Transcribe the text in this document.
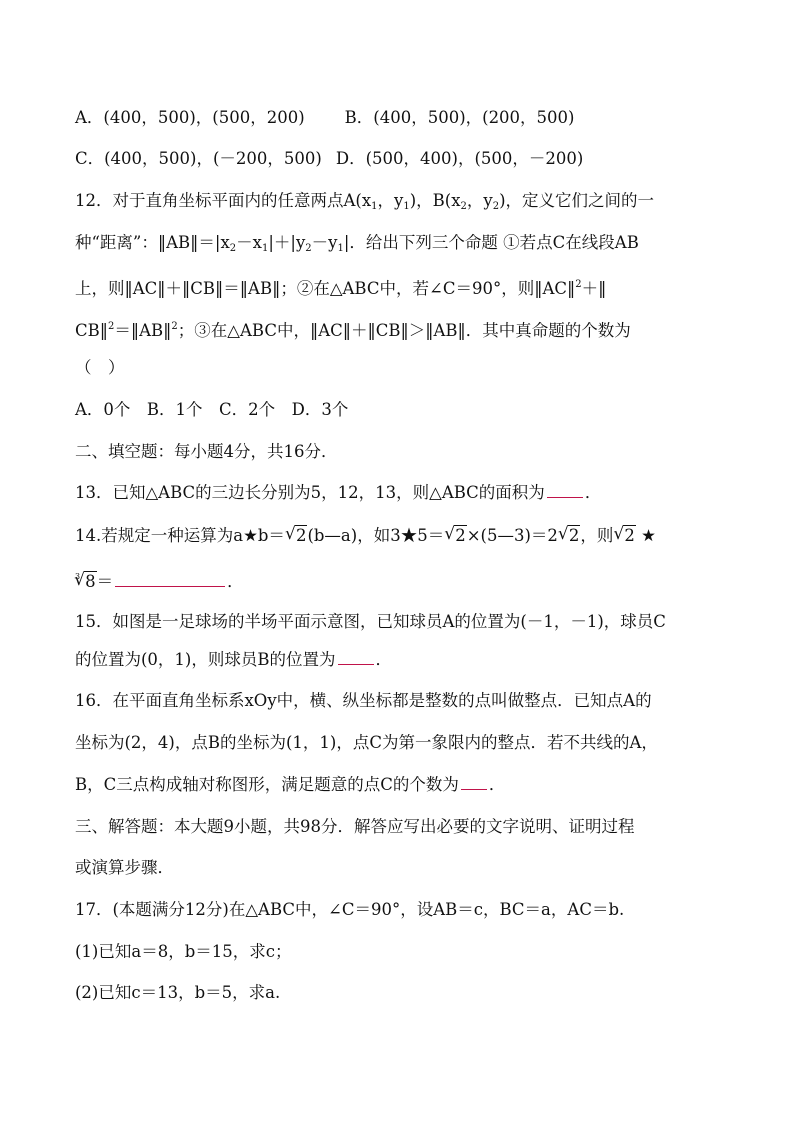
A．(400，500)，(500，200) B．(400，500)，(200，500)
C．(400，500)，(－200，500) D．(500，400)，(500，－200)
12．对于直角坐标平面内的任意两点$A(x_1$，$y_1$)，$B(x_2$，$y_2$)，定义它们之间的一
种“距离”：$‖AB‖=|x_2-x_1|+|y_2-y_1|$．给出下列三个命题 ①若点C在线段AB
上，则‖AC‖＋‖CB‖＝‖AB‖；②在△ABC中，若∠C＝90°，则‖AC‖$^2$＋‖
CB‖$^2$＝‖AB‖$^2$；③在△ABC中，‖AC‖＋‖CB‖＞‖AB‖．其中真命题的个数为
（　）
A．0个　B．1个　C．2个　D．3个
二、填空题：每小题4分，共16分．
13．已知△ABC的三边长分别为5，12，13，则△ABC的面积为 ．
14.若规定一种运算为a★b＝ √ 2(b—a)，如3★5＝ √ 2×(5—3)＝2 √ 2，则 √ 2 ★
$^3$ √ 8＝	．
15．如图是一足球场的半场平面示意图，已知球员A的位置为(－1，－1)，球员C
的位置为(0，1)，则球员B的位置为 ．
16．在平面直角坐标系xOy中，横、纵坐标都是整数的点叫做整点．已知点A的
坐标为(2，4)，点B的坐标为(1，1)，点C为第一象限内的整点．若不共线的A，
B，C三点构成轴对称图形，满足题意的点C的个数为 ．
三、解答题：本大题9小题，共98分．解答应写出必要的文字说明、证明过程
或演算步骤．
17．(本题满分12分)在△ABC中，∠C＝90°，设AB＝c，BC＝a，AC＝b.
(1)已知a＝8，b＝15，求c；
(2)已知c＝13，b＝5，求a.
